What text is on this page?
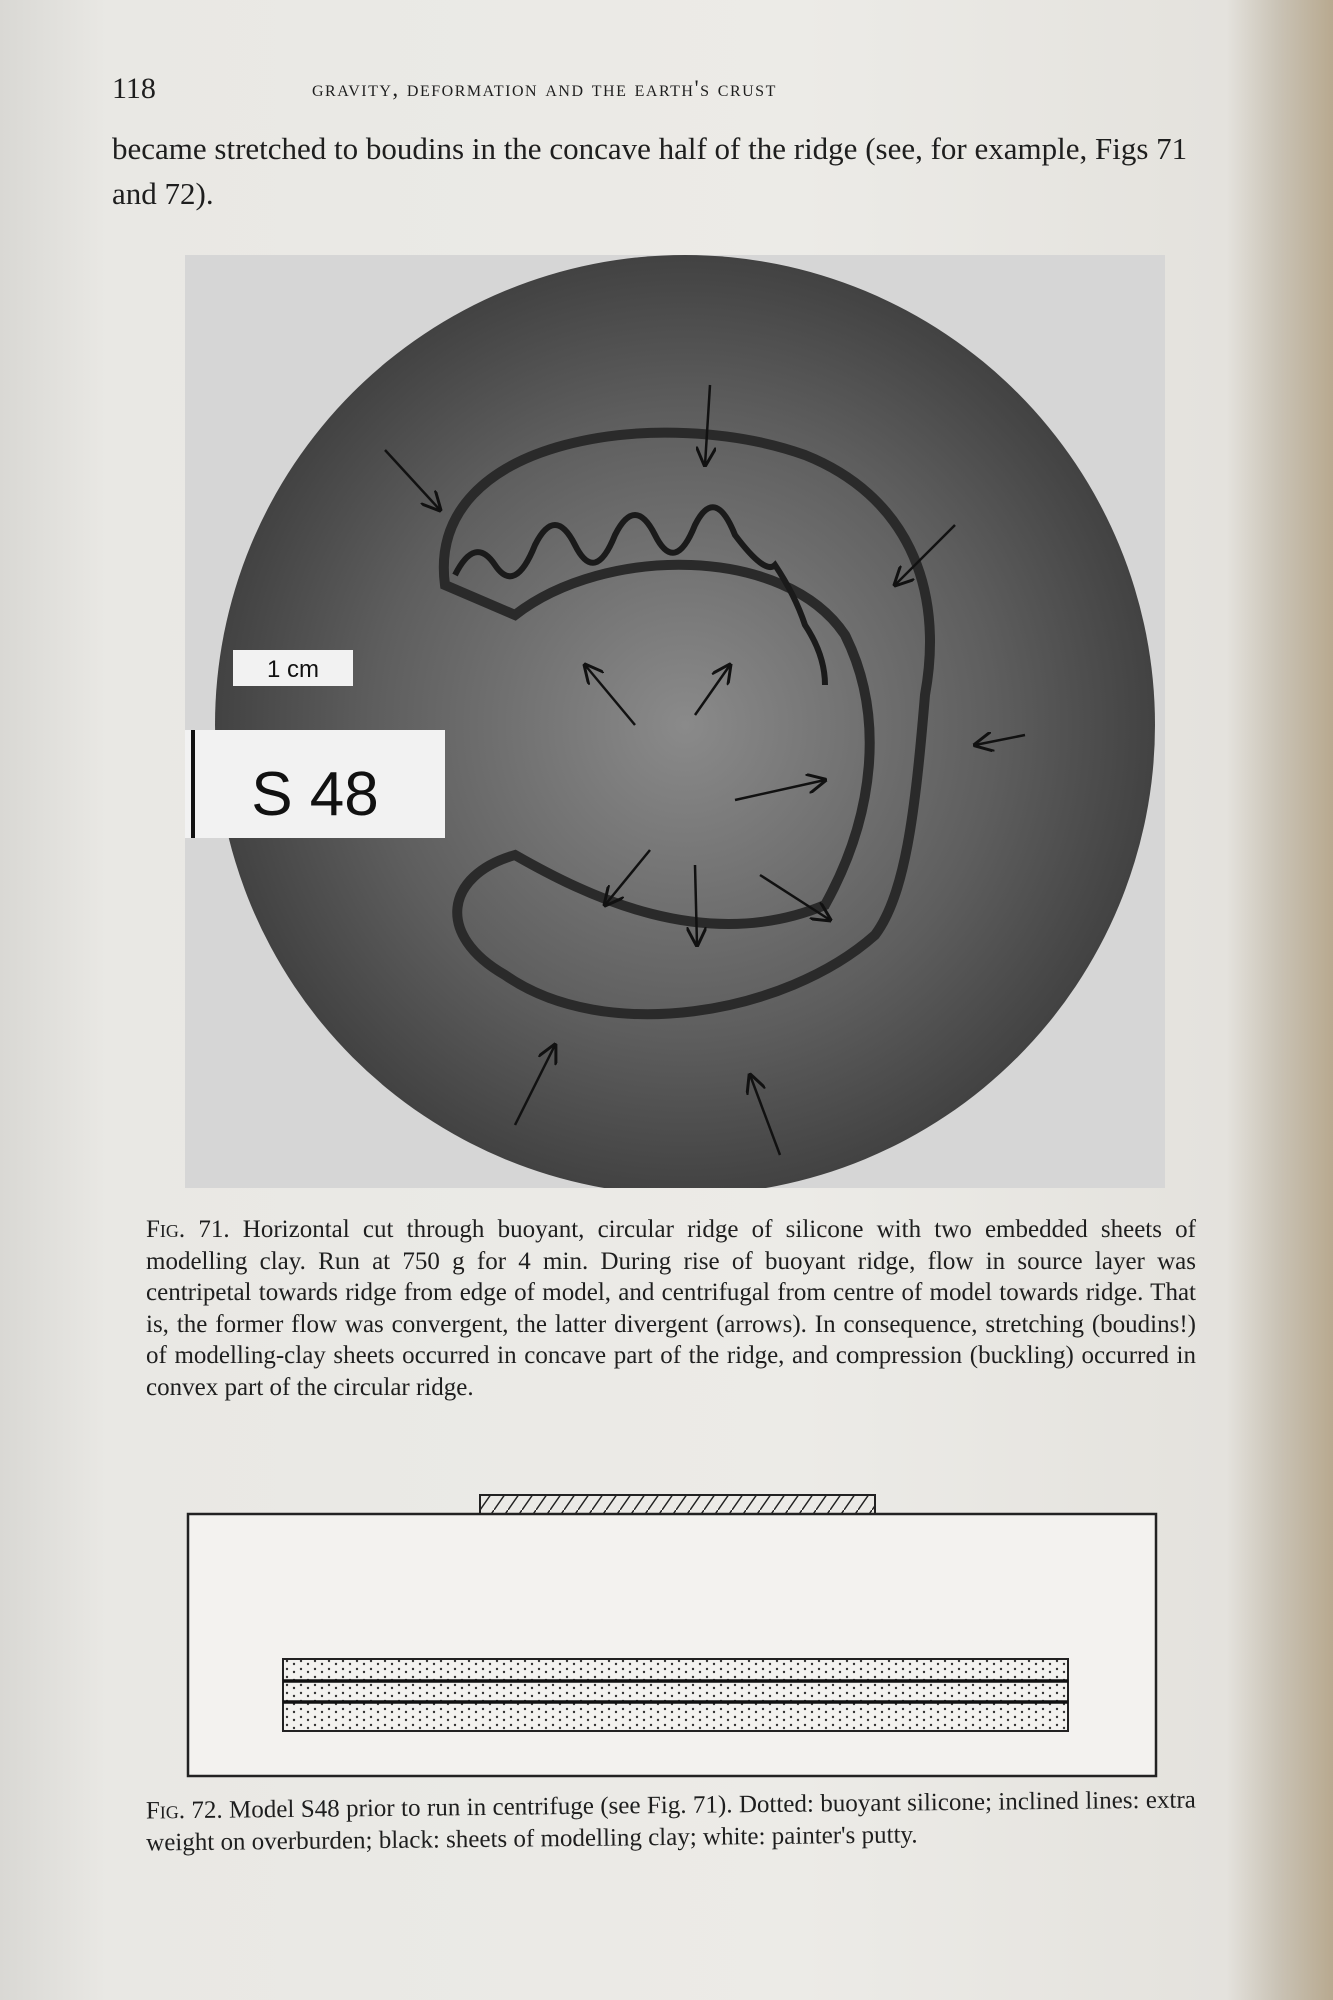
118	gravity, deformation and the earth's crust
became stretched to boudins in the concave half of the ridge (see, for example, Figs 71 and 72).
1 cm
S 48
Fig. 71. Horizontal cut through buoyant, circular ridge of silicone with two embedded sheets of modelling clay. Run at 750 g for 4 min. During rise of buoyant ridge, flow in source layer was centripetal towards ridge from edge of model, and centrifugal from centre of model towards ridge. That is, the former flow was convergent, the latter divergent (arrows). In consequence, stretching (boudins!) of modelling-clay sheets occurred in concave part of the ridge, and compression (buckling) occurred in convex part of the circular ridge.
Fig. 72. Model S48 prior to run in centrifuge (see Fig. 71). Dotted: buoyant silicone; inclined lines: extra weight on overburden; black: sheets of modelling clay; white: painter's putty.
